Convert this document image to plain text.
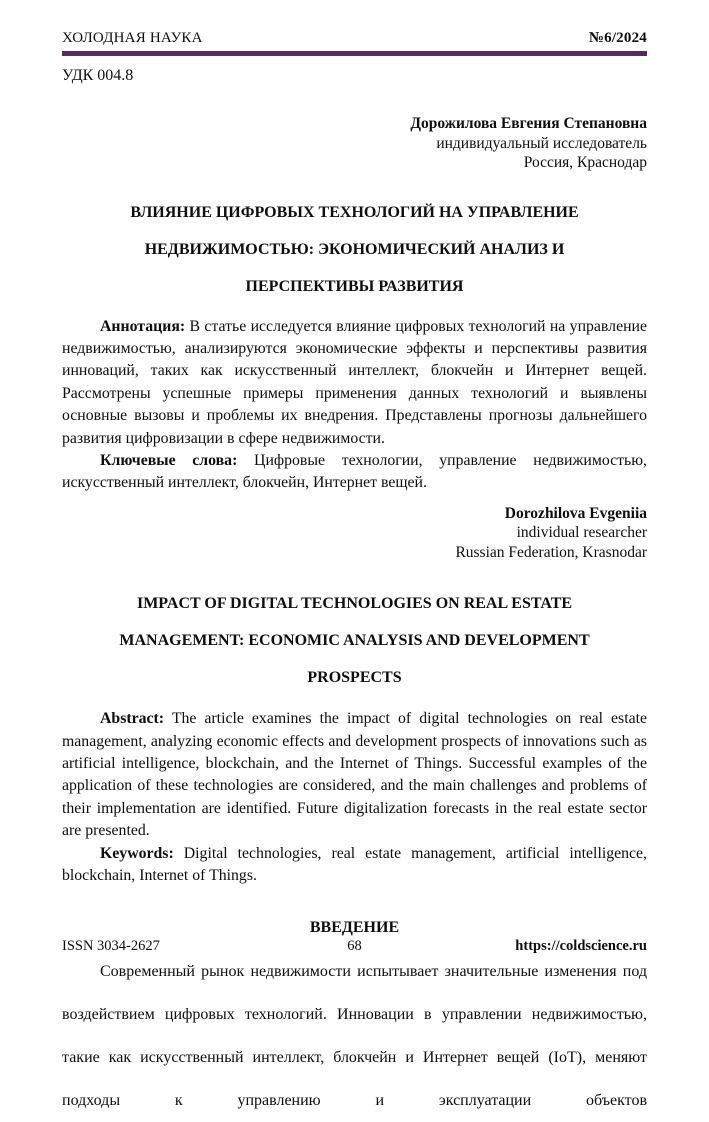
ХОЛОДНАЯ НАУКА	№6/2024
УДК 004.8
Дорожилова Евгения Степановна
индивидуальный исследователь
Россия, Краснодар
ВЛИЯНИЕ ЦИФРОВЫХ ТЕХНОЛОГИЙ НА УПРАВЛЕНИЕ НЕДВИЖИМОСТЬЮ: ЭКОНОМИЧЕСКИЙ АНАЛИЗ И ПЕРСПЕКТИВЫ РАЗВИТИЯ

Аннотация: В статье исследуется влияние цифровых технологий на управление недвижимостью, анализируются экономические эффекты и перспективы развития инноваций, таких как искусственный интеллект, блокчейн и Интернет вещей. Рассмотрены успешные примеры применения данных технологий и выявлены основные вызовы и проблемы их внедрения. Представлены прогнозы дальнейшего развития цифровизации в сфере недвижимости.

Ключевые слова: Цифровые технологии, управление недвижимостью, искусственный интеллект, блокчейн, Интернет вещей.

Dorozhilova Evgeniia
individual researcher
Russian Federation, Krasnodar
IMPACT OF DIGITAL TECHNOLOGIES ON REAL ESTATE MANAGEMENT: ECONOMIC ANALYSIS AND DEVELOPMENT PROSPECTS

Abstract: The article examines the impact of digital technologies on real estate management, analyzing economic effects and development prospects of innovations such as artificial intelligence, blockchain, and the Internet of Things. Successful examples of the application of these technologies are considered, and the main challenges and problems of their implementation are identified. Future digitalization forecasts in the real estate sector are presented.

Keywords: Digital technologies, real estate management, artificial intelligence, blockchain, Internet of Things.

ВВЕДЕНИЕ

Современный рынок недвижимости испытывает значительные изменения под воздействием цифровых технологий. Инновации в управлении недвижимостью, такие как искусственный интеллект, блокчейн и Интернет вещей (IoT), меняют подходы к управлению и эксплуатации объектов

ISSN 3034-2627	68	https://coldscience.ru
